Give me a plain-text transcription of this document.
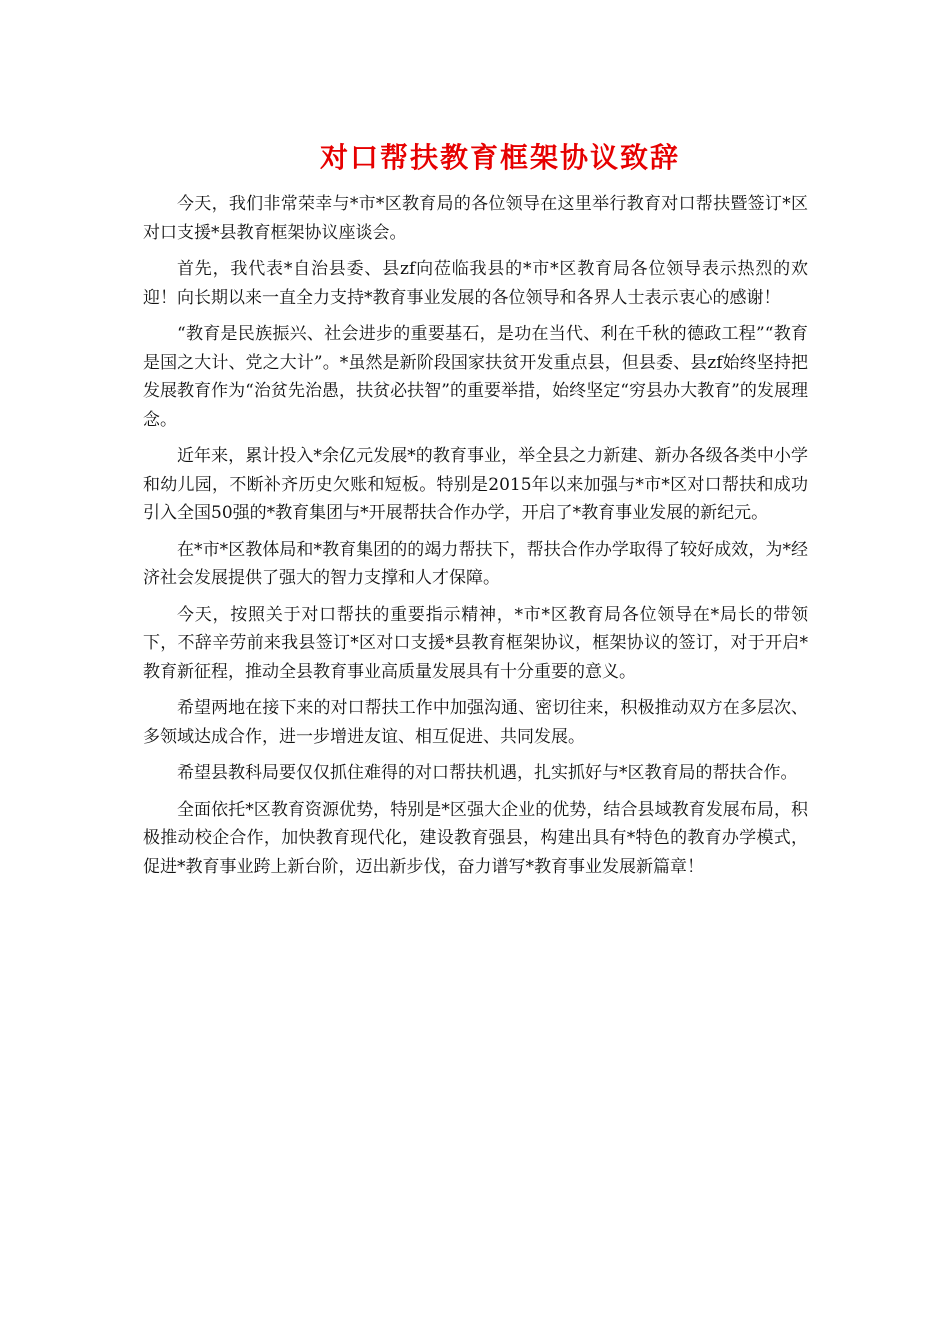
对口帮扶教育框架协议致辞

今天，我们非常荣幸与*市*区教育局的各位领导在这里举行教育对口帮扶暨签订*区对口支援*县教育框架协议座谈会。

首先，我代表*自治县委、县zf向莅临我县的*市*区教育局各位领导表示热烈的欢迎！向长期以来一直全力支持*教育事业发展的各位领导和各界人士表示衷心的感谢！

“教育是民族振兴、社会进步的重要基石，是功在当代、利在千秋的德政工程”“教育是国之大计、党之大计”。*虽然是新阶段国家扶贫开发重点县，但县委、县zf始终坚持把发展教育作为“治贫先治愚，扶贫必扶智”的重要举措，始终坚定“穷县办大教育”的发展理念。

近年来，累计投入*余亿元发展*的教育事业，举全县之力新建、新办各级各类中小学和幼儿园，不断补齐历史欠账和短板。特别是2015年以来加强与*市*区对口帮扶和成功引入全国50强的*教育集团与*开展帮扶合作办学，开启了*教育事业发展的新纪元。

在*市*区教体局和*教育集团的的竭力帮扶下，帮扶合作办学取得了较好成效，为*经济社会发展提供了强大的智力支撑和人才保障。

今天，按照关于对口帮扶的重要指示精神，*市*区教育局各位领导在*局长的带领下，不辞辛劳前来我县签订*区对口支援*县教育框架协议，框架协议的签订，对于开启*教育新征程，推动全县教育事业高质量发展具有十分重要的意义。

希望两地在接下来的对口帮扶工作中加强沟通、密切往来，积极推动双方在多层次、多领域达成合作，进一步增进友谊、相互促进、共同发展。

希望县教科局要仅仅抓住难得的对口帮扶机遇，扎实抓好与*区教育局的帮扶合作。

全面依托*区教育资源优势，特别是*区强大企业的优势，结合县域教育发展布局，积极推动校企合作，加快教育现代化，建设教育强县，构建出具有*特色的教育办学模式，促进*教育事业跨上新台阶，迈出新步伐，奋力谱写*教育事业发展新篇章！
